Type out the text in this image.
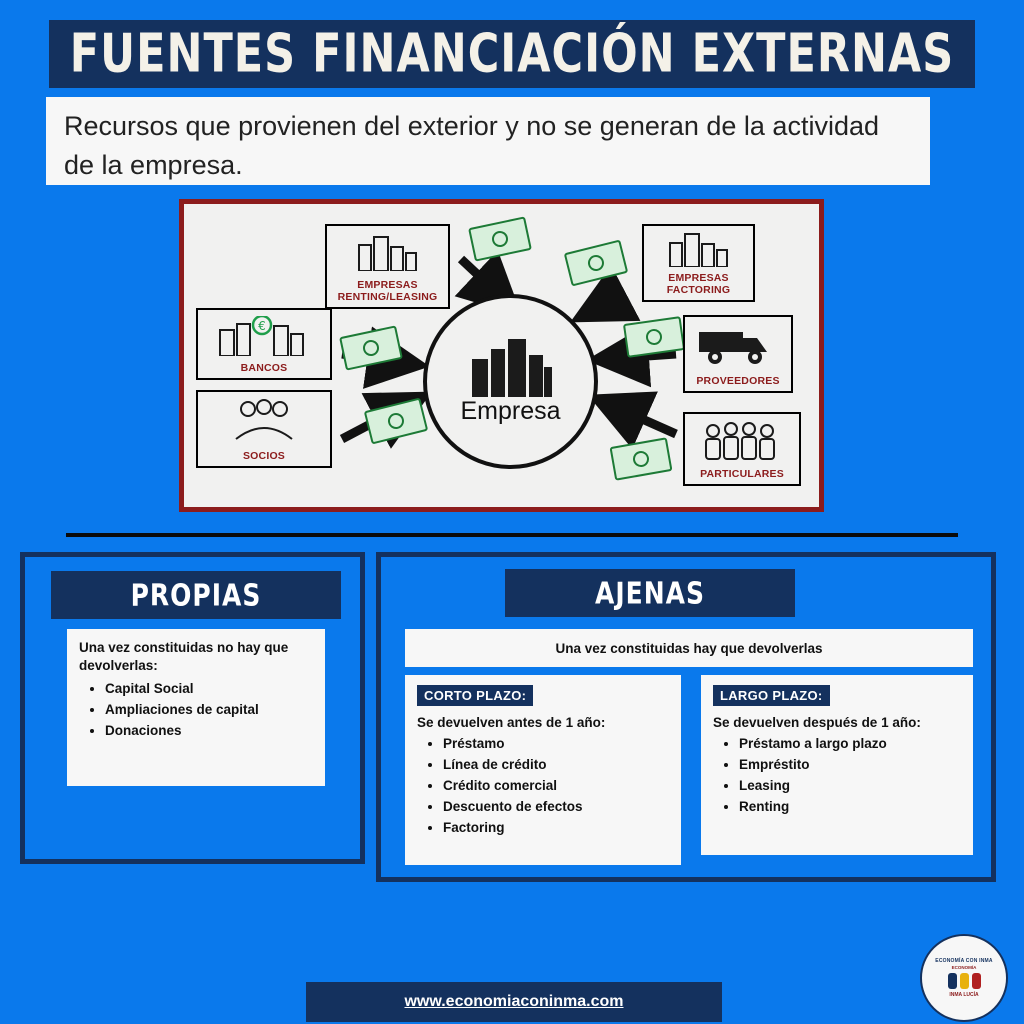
FUENTES FINANCIACIÓN EXTERNAS
Recursos que provienen del exterior y no se generan de la actividad de la empresa.
Empresa
EMPRESAS RENTING/LEASING
€
BANCOS
SOCIOS
EMPRESAS FACTORING
PROVEEDORES
PARTICULARES
PROPIAS

Una vez constituidas no hay que devolverlas:

• Capital Social
• Ampliaciones de capital
• Donaciones
AJENAS
Una vez constituidas hay que devolverlas
CORTO PLAZO:
Se devuelven antes de 1 año:
• Préstamo
• Línea de crédito
• Crédito comercial
• Descuento de efectos
• Factoring
LARGO PLAZO:
Se devuelven después de 1 año:
• Préstamo a largo plazo
• Empréstito
• Leasing
• Renting
www.economiaconinma.com
ECONOMÍA CON INMA
ECONOMÍA
INMA LUCÍA
